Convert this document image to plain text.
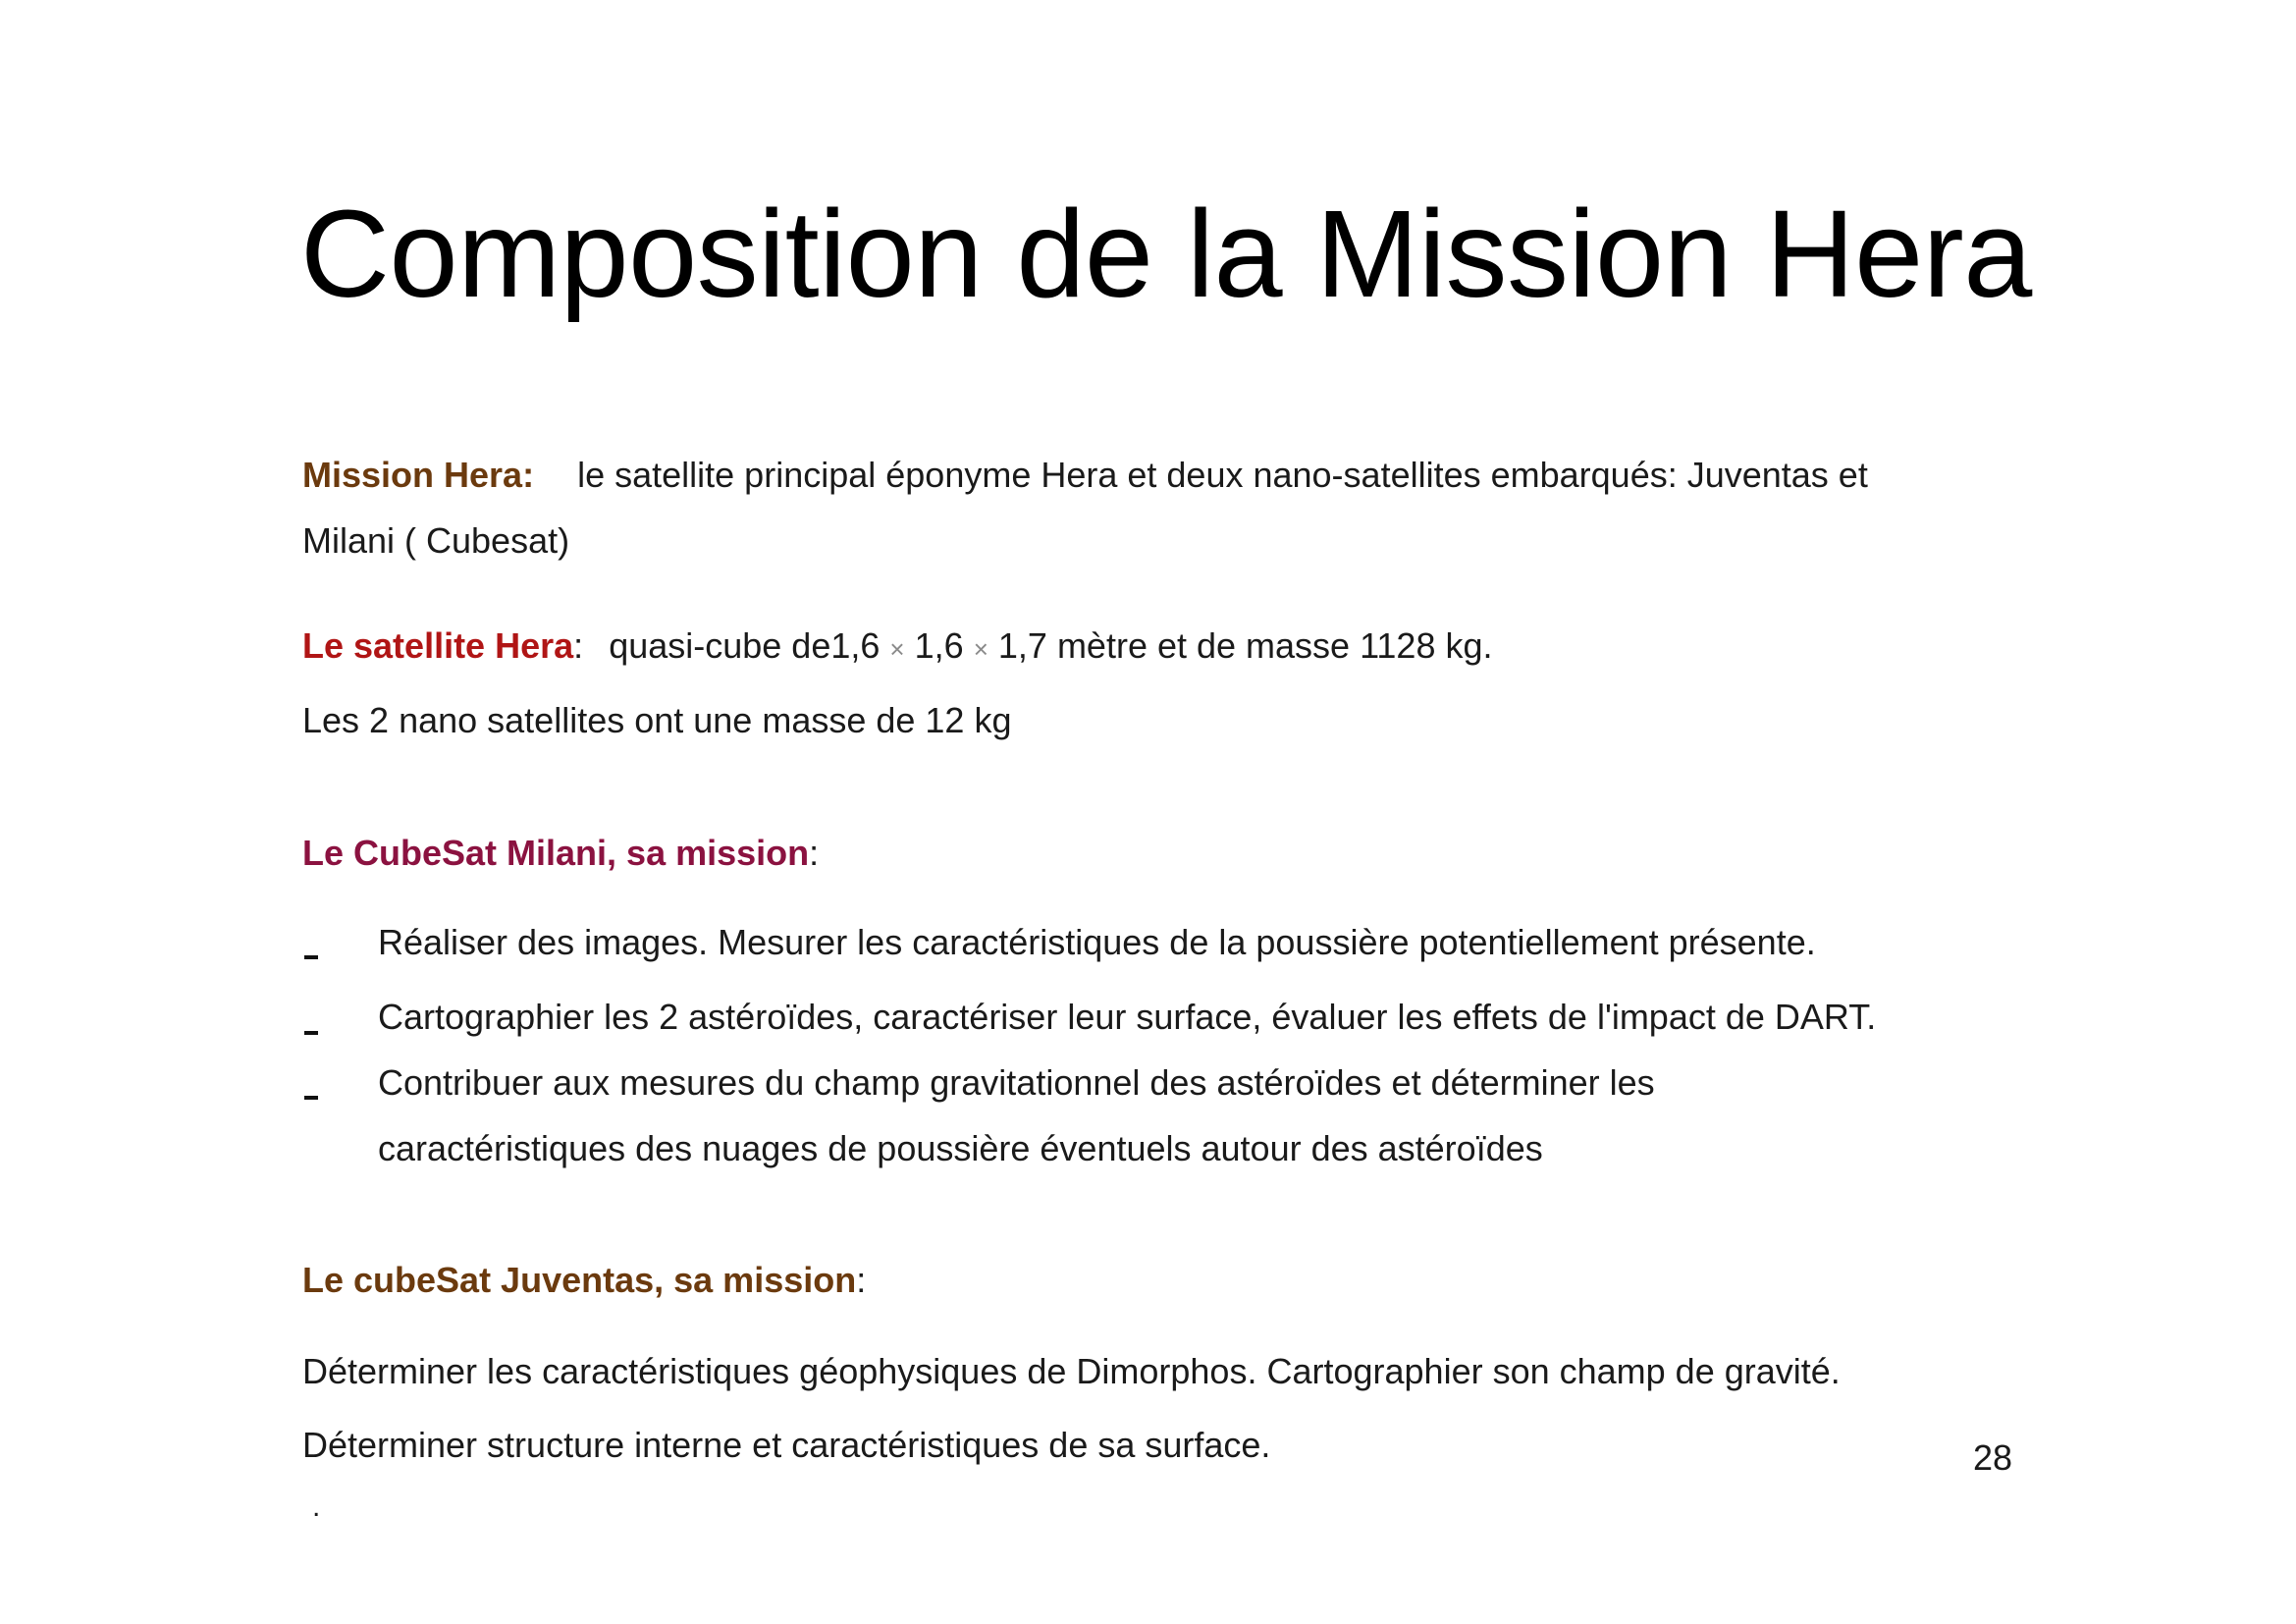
Composition de la Mission Hera
Mission Hera: le satellite principal éponyme Hera et deux nano-satellites embarqués: Juventas et
Milani ( Cubesat)
Le satellite Hera: quasi-cube de1,6 × 1,6 × 1,7 mètre et de masse 1128 kg.
Les 2 nano satellites ont une masse de 12 kg
Le CubeSat Milani, sa mission:
Réaliser des images. Mesurer les caractéristiques de la poussière potentiellement présente.
Cartographier les 2 astéroïdes, caractériser leur surface, évaluer les effets de l'impact de DART.
Contribuer aux mesures du champ gravitationnel des astéroïdes et déterminer les
caractéristiques des nuages de poussière éventuels autour des astéroïdes
Le cubeSat Juventas, sa mission:
Déterminer les caractéristiques géophysiques de Dimorphos. Cartographier son champ de gravité.
Déterminer structure interne et caractéristiques de sa surface.
.
28
